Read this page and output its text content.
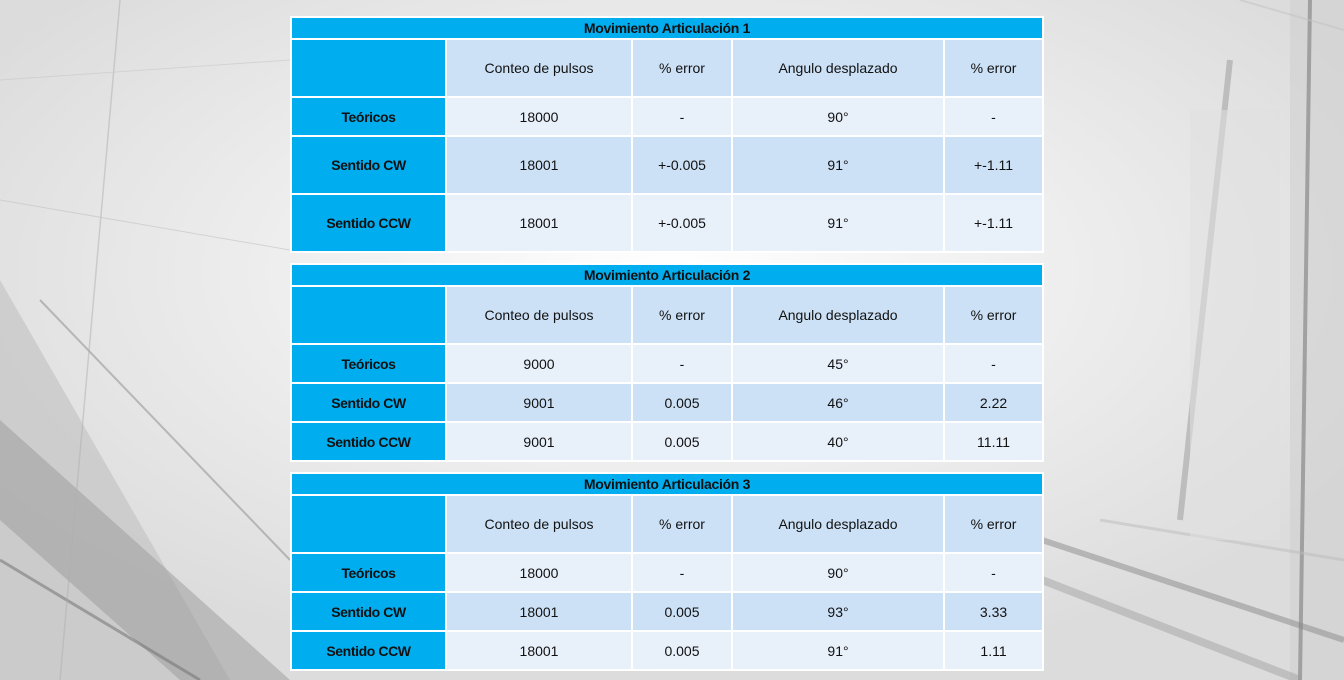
Movimiento Articulación 1				
	Conteo de pulsos	% error	Angulo desplazado	% error
Teóricos	18000	-	90°	-
Sentido CW	18001	+-0.005	91°	+-1.11
Sentido CCW	18001	+-0.005	91°	+-1.11
Movimiento Articulación 2				
	Conteo de pulsos	% error	Angulo desplazado	% error
Teóricos	9000	-	45°	-
Sentido CW	9001	0.005	46°	2.22
Sentido CCW	9001	0.005	40°	11.11
Movimiento Articulación 3				
	Conteo de pulsos	% error	Angulo desplazado	% error
Teóricos	18000	-	90°	-
Sentido CW	18001	0.005	93°	3.33
Sentido CCW	18001	0.005	91°	1.11
